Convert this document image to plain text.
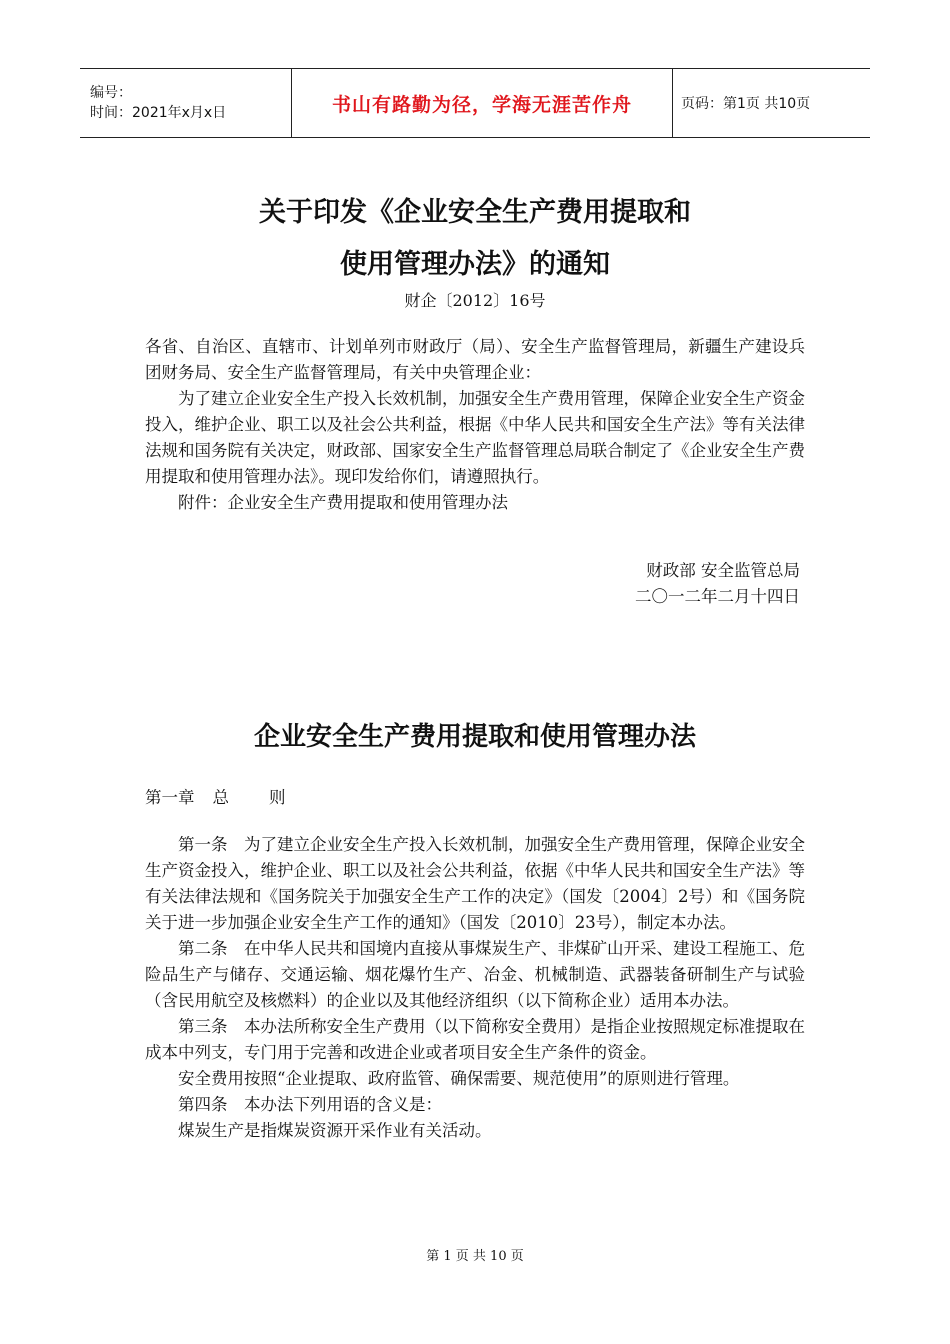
编号：
时间：2021年x月x日	书山有路勤为径，学海无涯苦作舟	页码：第1页 共10页
关于印发《企业安全生产费用提取和
使用管理办法》的通知
财企〔2012〕16号

各省、自治区、直辖市、计划单列市财政厅（局）、安全生产监督管理局，新疆生产建设兵团财务局、安全生产监督管理局，有关中央管理企业：

为了建立企业安全生产投入长效机制，加强安全生产费用管理，保障企业安全生产资金投入，维护企业、职工以及社会公共利益，根据《中华人民共和国安全生产法》等有关法律法规和国务院有关决定，财政部、国家安全生产监督管理总局联合制定了《企业安全生产费用提取和使用管理办法》。现印发给你们，请遵照执行。

附件：企业安全生产费用提取和使用管理办法

财政部 安全监管总局

二〇一二年二月十四日

企业安全生产费用提取和使用管理办法
第一章 总 则

第一条　为了建立企业安全生产投入长效机制，加强安全生产费用管理，保障企业安全生产资金投入，维护企业、职工以及社会公共利益，依据《中华人民共和国安全生产法》等有关法律法规和《国务院关于加强安全生产工作的决定》（国发〔2004〕2号）和《国务院关于进一步加强企业安全生产工作的通知》（国发〔2010〕23号），制定本办法。

第二条　在中华人民共和国境内直接从事煤炭生产、非煤矿山开采、建设工程施工、危险品生产与储存、交通运输、烟花爆竹生产、冶金、机械制造、武器装备研制生产与试验（含民用航空及核燃料）的企业以及其他经济组织（以下简称企业）适用本办法。

第三条　本办法所称安全生产费用（以下简称安全费用）是指企业按照规定标准提取在成本中列支，专门用于完善和改进企业或者项目安全生产条件的资金。

安全费用按照“企业提取、政府监管、确保需要、规范使用”的原则进行管理。

第四条　本办法下列用语的含义是：

煤炭生产是指煤炭资源开采作业有关活动。

第 1 页 共 10 页
